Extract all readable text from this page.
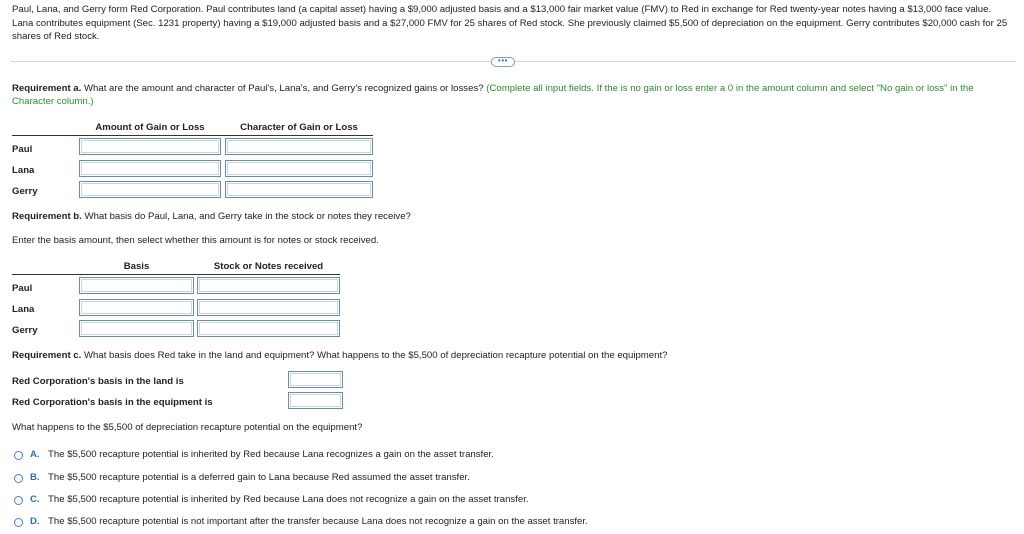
Paul, Lana, and Gerry form Red Corporation. Paul contributes land (a capital asset) having a $9,000 adjusted basis and a $13,000 fair market value (FMV) to Red in exchange for Red twenty-year notes having a $13,000 face value. Lana contributes equipment (Sec. 1231 property) having a $19,000 adjusted basis and a $27,000 FMV for 25 shares of Red stock. She previously claimed $5,500 of depreciation on the equipment. Gerry contributes $20,000 cash for 25 shares of Red stock.
•••
Requirement a. What are the amount and character of Paul's, Lana's, and Gerry's recognized gains or losses? (Complete all input fields. If the is no gain or loss enter a 0 in the amount column and select "No gain or loss" in the Character column.)
Amount of Gain or Loss	Character of Gain or Loss
Paul
Lana
Gerry
Requirement b. What basis do Paul, Lana, and Gerry take in the stock or notes they receive?
Enter the basis amount, then select whether this amount is for notes or stock received.
Basis	Stock or Notes received
Paul
Lana
Gerry
Requirement c. What basis does Red take in the land and equipment? What happens to the $5,500 of depreciation recapture potential on the equipment?
Red Corporation's basis in the land is
Red Corporation's basis in the equipment is
What happens to the $5,500 of depreciation recapture potential on the equipment?
A. The $5,500 recapture potential is inherited by Red because Lana recognizes a gain on the asset transfer.
B. The $5,500 recapture potential is a deferred gain to Lana because Red assumed the asset transfer.
C. The $5,500 recapture potential is inherited by Red because Lana does not recognize a gain on the asset transfer.
D. The $5,500 recapture potential is not important after the transfer because Lana does not recognize a gain on the asset transfer.
